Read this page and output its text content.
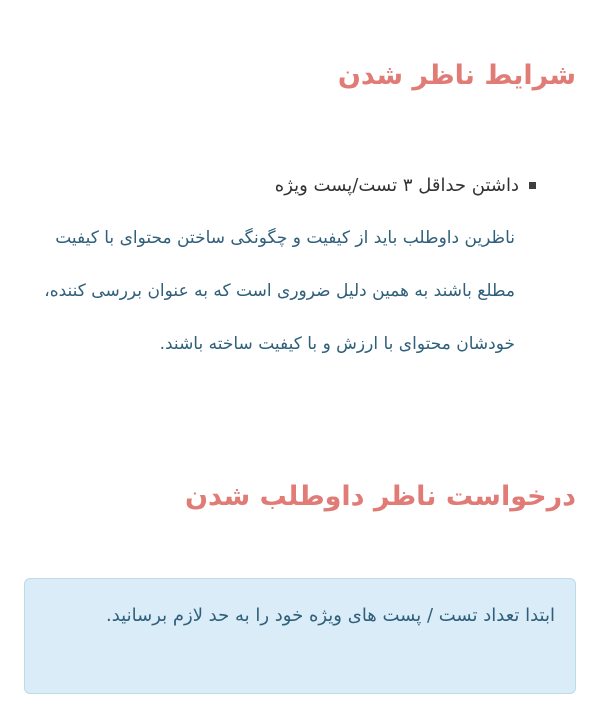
شرایط ناظر شدن
داشتن حداقل ۳ تست/پست ویژه

ناظرین داوطلب باید از کیفیت و چگونگی ساختن محتوای با کیفیت مطلع باشند به همین دلیل ضروری است که به عنوان بررسی کننده، خودشان محتوای با ارزش و با کیفیت ساخته باشند.

درخواست ناظر داوطلب شدن

ابتدا تعداد تست / پست های ویژه خود را به حد لازم برسانید.
